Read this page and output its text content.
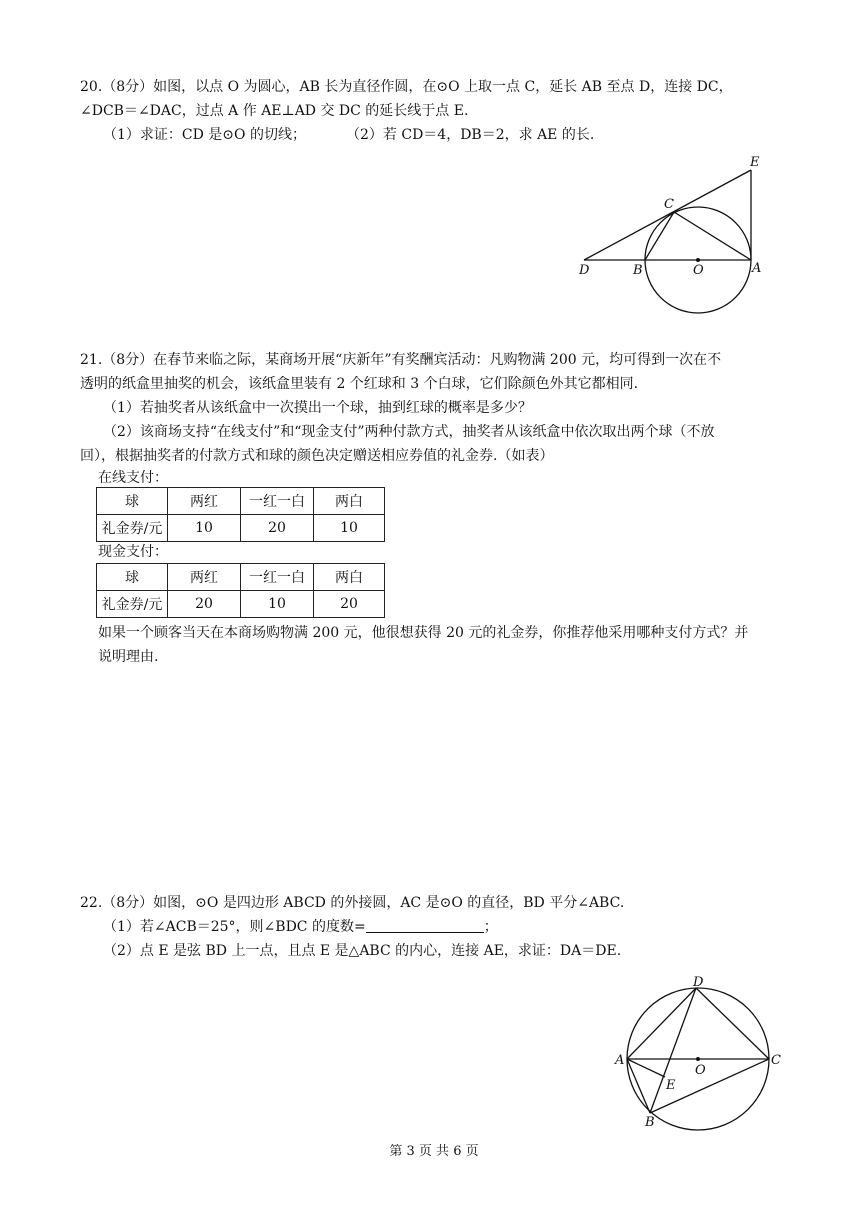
20.（8分）如图，以点 O 为圆心，AB 长为直径作圆，在⊙O 上取一点 C，延长 AB 至点 D，连接 DC，
∠DCB＝∠DAC，过点 A 作 AE⊥AD 交 DC 的延长线于点 E.
（1）求证：CD 是⊙O 的切线；	（2）若 CD＝4，DB＝2，求 AE 的长.
E
C
D	B	O	A
21.（8分）在春节来临之际，某商场开展“庆新年”有奖酬宾活动：凡购物满 200 元，均可得到一次在不
透明的纸盒里抽奖的机会，该纸盒里装有 2 个红球和 3 个白球，它们除颜色外其它都相同.
（1）若抽奖者从该纸盒中一次摸出一个球，抽到红球的概率是多少？
（2）该商场支持“在线支付”和“现金支付”两种付款方式，抽奖者从该纸盒中依次取出两个球（不放
回），根据抽奖者的付款方式和球的颜色决定赠送相应券值的礼金券.（如表）
在线支付：
球	两红	一红一白	两白
礼金券/元	10	20	10
现金支付：
球	两红	一红一白	两白
礼金券/元	20	10	20
如果一个顾客当天在本商场购物满 200 元，他很想获得 20 元的礼金券，你推荐他采用哪种支付方式？并
说明理由.
22.（8分）如图，⊙O 是四边形 ABCD 的外接圆，AC 是⊙O 的直径，BD 平分∠ABC.
（1）若∠ACB＝25°，则∠BDC 的度数=	；
（2）点 E 是弦 BD 上一点，且点 E 是△ABC 的内心，连接 AE，求证：DA＝DE.
D
A
O
C
E
B
第 3 页 共 6 页
